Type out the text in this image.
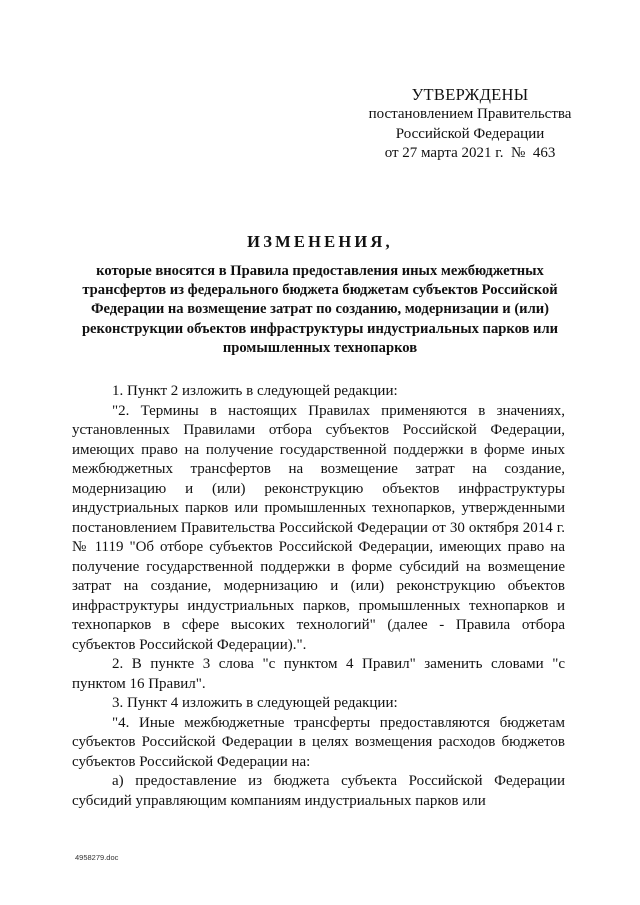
УТВЕРЖДЕНЫ
постановлением Правительства
Российской Федерации
от 27 марта 2021 г.  №  463
ИЗМЕНЕНИЯ,
которые вносятся в Правила предоставления иных межбюджетных трансфертов из федерального бюджета бюджетам субъектов Российской Федерации на возмещение затрат по созданию, модернизации и (или) реконструкции объектов инфраструктуры индустриальных парков или промышленных технопарков

1. Пункт 2 изложить в следующей редакции:

"2. Термины в настоящих Правилах применяются в значениях, установленных Правилами отбора субъектов Российской Федерации, имеющих право на получение государственной поддержки в форме иных межбюджетных трансфертов на возмещение затрат на создание, модернизацию и (или) реконструкцию объектов инфраструктуры индустриальных парков или промышленных технопарков, утвержденными постановлением Правительства Российской Федерации от 30 октября 2014 г. № 1119 "Об отборе субъектов Российской Федерации, имеющих право на получение государственной поддержки в форме субсидий на возмещение затрат на создание, модернизацию и (или) реконструкцию объектов инфраструктуры индустриальных парков, промышленных технопарков и технопарков в сфере высоких технологий" (далее - Правила отбора субъектов Российской Федерации).".

2. В пункте 3 слова "с пунктом 4 Правил" заменить словами "с пунктом 16 Правил".

3. Пункт 4 изложить в следующей редакции:

"4. Иные межбюджетные трансферты предоставляются бюджетам субъектов Российской Федерации в целях возмещения расходов бюджетов субъектов Российской Федерации на:

а) предоставление из бюджета субъекта Российской Федерации субсидий управляющим компаниям индустриальных парков или

4958279.doc
